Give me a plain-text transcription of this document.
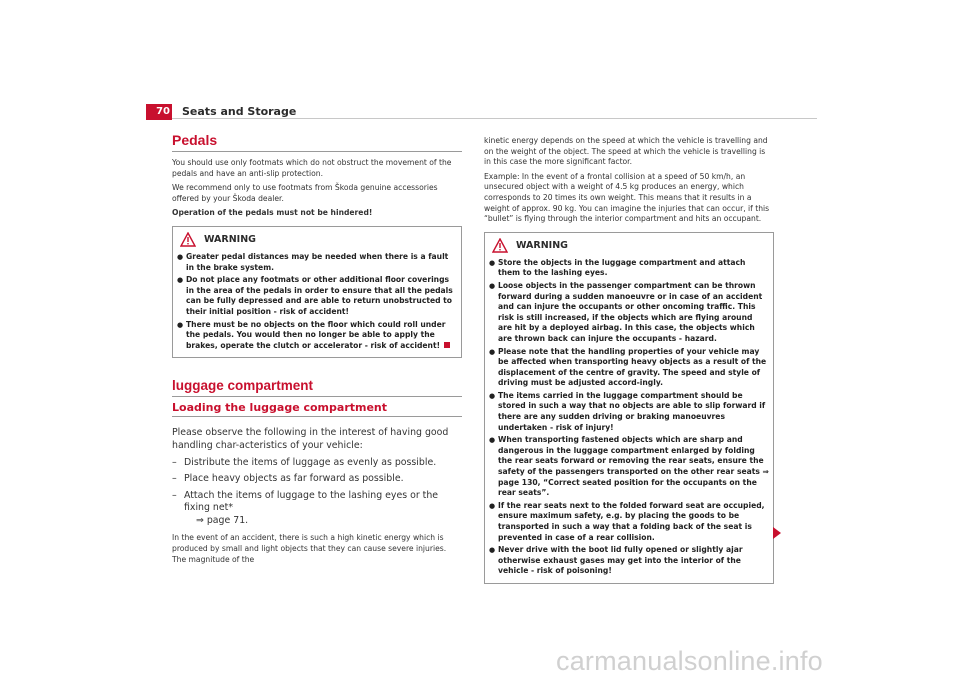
70 Seats and Storage
Pedals

You should use only footmats which do not obstruct the movement of the pedals and have an anti-slip protection.

We recommend only to use footmats from Škoda genuine accessories offered by your Škoda dealer.

Operation of the pedals must not be hindered!

WARNING
● Greater pedal distances may be needed when there is a fault in the brake system.
● Do not place any footmats or other additional floor coverings in the area of the pedals in order to ensure that all the pedals can be fully depressed and are able to return unobstructed to their initial position - risk of accident!
● There must be no objects on the floor which could roll under the pedals. You would then no longer be able to apply the brakes, operate the clutch or accelerator - risk of accident!
luggage compartment
Loading the luggage compartment

Please observe the following in the interest of having good handling char-acteristics of your vehicle:

– Distribute the items of luggage as evenly as possible.
– Place heavy objects as far forward as possible.
– Attach the items of luggage to the lashing eyes or the fixing net*
⇒ page 71.

In the event of an accident, there is such a high kinetic energy which is produced by small and light objects that they can cause severe injuries. The magnitude of the

kinetic energy depends on the speed at which the vehicle is travelling and on the weight of the object. The speed at which the vehicle is travelling is in this case the more significant factor.

Example: In the event of a frontal collision at a speed of 50 km/h, an unsecured object with a weight of 4.5 kg produces an energy, which corresponds to 20 times its own weight. This means that it results in a weight of approx. 90 kg. You can imagine the injuries that can occur, if this “bullet” is flying through the interior compartment and hits an occupant.

WARNING
● Store the objects in the luggage compartment and attach them to the lashing eyes.
● Loose objects in the passenger compartment can be thrown forward during a sudden manoeuvre or in case of an accident and can injure the occupants or other oncoming traffic. This risk is still increased, if the objects which are flying around are hit by a deployed airbag. In this case, the objects which are thrown back can injure the occupants - hazard.
● Please note that the handling properties of your vehicle may be affected when transporting heavy objects as a result of the displacement of the centre of gravity. The speed and style of driving must be adjusted accord-ingly.
● The items carried in the luggage compartment should be stored in such a way that no objects are able to slip forward if there are any sudden driving or braking manoeuvres undertaken - risk of injury!
● When transporting fastened objects which are sharp and dangerous in the luggage compartment enlarged by folding the rear seats forward or removing the rear seats, ensure the safety of the passengers transported on the other rear seats ⇒ page 130, “Correct seated position for the occupants on the rear seats”.
● If the rear seats next to the folded forward seat are occupied, ensure maximum safety, e.g. by placing the goods to be transported in such a way that a folding back of the seat is prevented in case of a rear collision.
● Never drive with the boot lid fully opened or slightly ajar otherwise exhaust gases may get into the interior of the vehicle - risk of poisoning!
carmanualsonline.info
